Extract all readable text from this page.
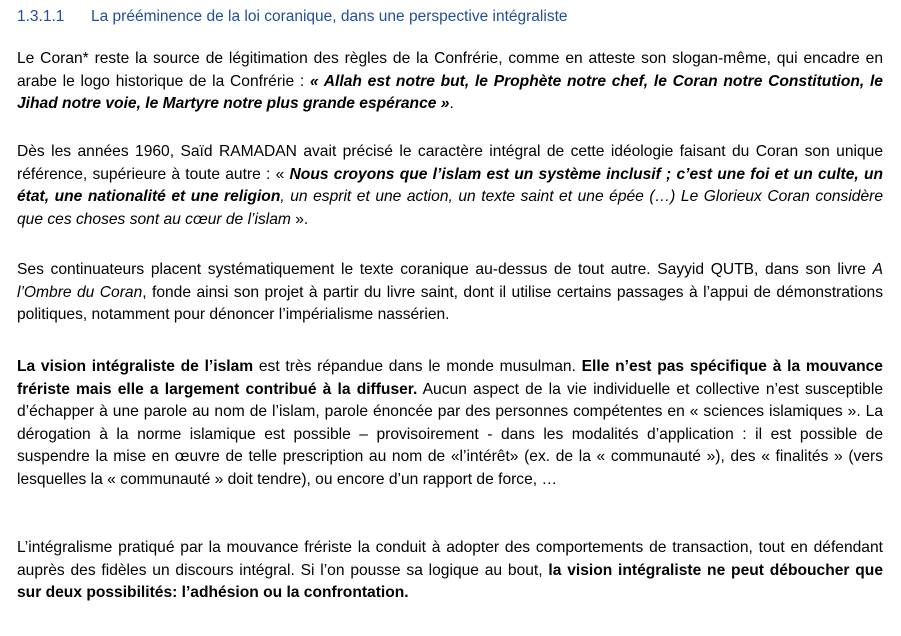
1.3.1.1 La prééminence de la loi coranique, dans une perspective intégraliste

Le Coran* reste la source de légitimation des règles de la Confrérie, comme en atteste son slogan-même, qui encadre en arabe le logo historique de la Confrérie : « Allah est notre but, le Prophète notre chef, le Coran notre Constitution, le Jihad notre voie, le Martyre notre plus grande espérance ».

Dès les années 1960, Saïd RAMADAN avait précisé le caractère intégral de cette idéologie faisant du Coran son unique référence, supérieure à toute autre : « Nous croyons que l’islam est un système inclusif ; c’est une foi et un culte, un état, une nationalité et une religion, un esprit et une action, un texte saint et une épée (…) Le Glorieux Coran considère que ces choses sont au cœur de l’islam ».

Ses continuateurs placent systématiquement le texte coranique au-dessus de tout autre. Sayyid QUTB, dans son livre A l’Ombre du Coran, fonde ainsi son projet à partir du livre saint, dont il utilise certains passages à l’appui de démonstrations politiques, notamment pour dénoncer l’impérialisme nassérien.

La vision intégraliste de l’islam est très répandue dans le monde musulman. Elle n’est pas spécifique à la mouvance fréristе mais elle a largement contribué à la diffuser. Aucun aspect de la vie individuelle et collective n’est susceptible d’échapper à une parole au nom de l’islam, parole énoncée par des personnes compétentes en « sciences islamiques ». La dérogation à la norme islamique est possible – provisoirement - dans les modalités d’application : il est possible de suspendre la mise en œuvre de telle prescription au nom de «l’intérêt» (ex. de la « communauté »), des « finalités » (vers lesquelles la « communauté » doit tendre), ou encore d’un rapport de force, …

L’intégralisme pratiqué par la mouvance fréristе la conduit à adopter des comportements de transaction, tout en défendant auprès des fidèles un discours intégral. Si l’on pousse sa logique au bout, la vision intégraliste ne peut déboucher que sur deux possibilités: l’adhésion ou la confrontation.
